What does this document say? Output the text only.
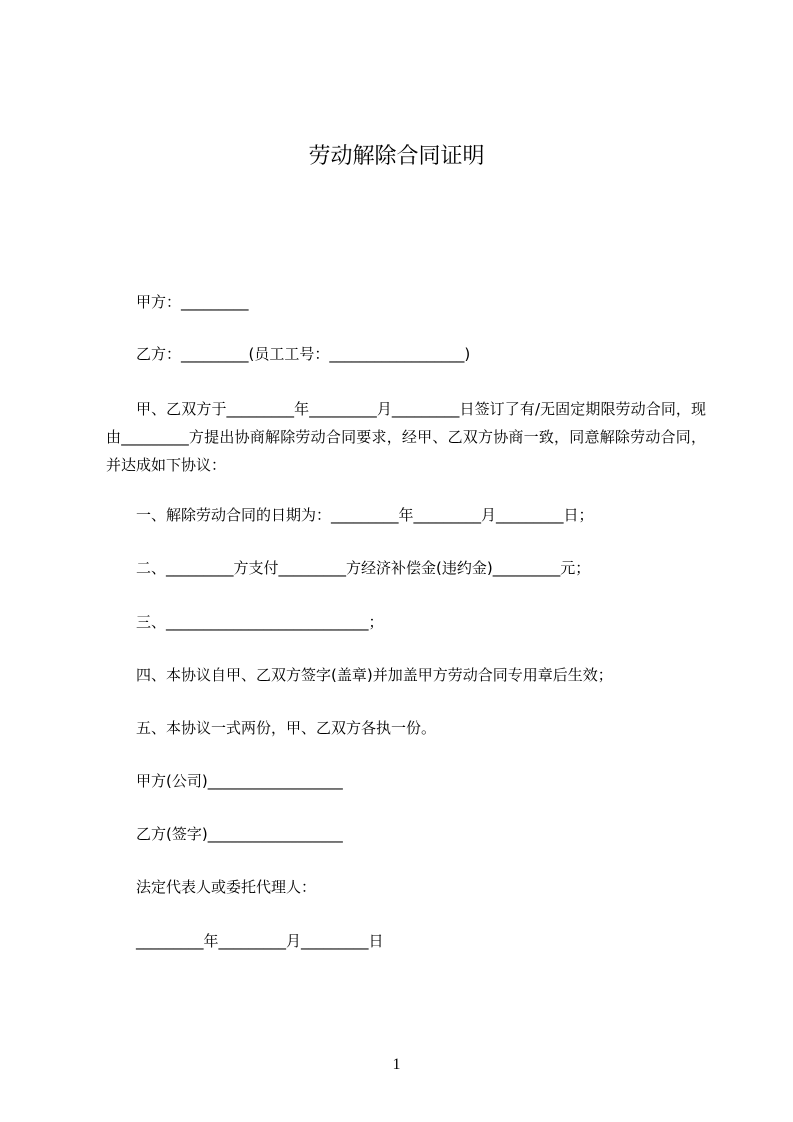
劳动解除合同证明
甲方：_________
乙方：_________(员工工号：__________________)
甲、乙双方于_________年_________月_________日签订了有/无固定期限劳动合同，现由_________方提出协商解除劳动合同要求，经甲、乙双方协商一致，同意解除劳动合同，并达成如下协议：
一、解除劳动合同的日期为：_________年_________月_________日；
二、_________方支付_________方经济补偿金(违约金)_________元；
三、___________________________；
四、本协议自甲、乙双方签字(盖章)并加盖甲方劳动合同专用章后生效；
五、本协议一式两份，甲、乙双方各执一份。
甲方(公司)__________________
乙方(签字)__________________
法定代表人或委托代理人：
_________年_________月_________日
1
